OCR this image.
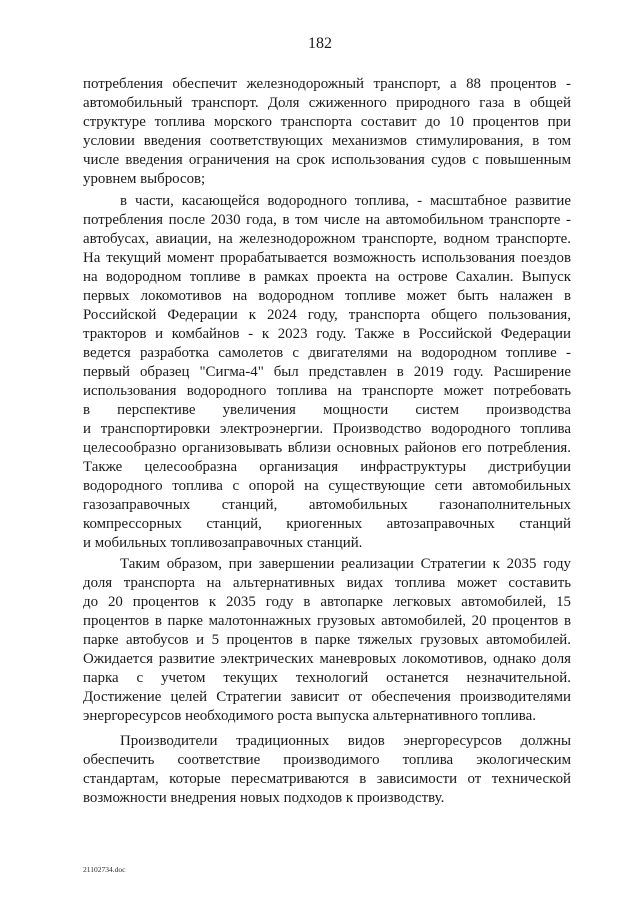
182
потребления обеспечит железнодорожный транспорт, а 88 процентов -
автомобильный транспорт. Доля сжиженного природного газа в общей
структуре топлива морского транспорта составит до 10 процентов при
условии введения соответствующих механизмов стимулирования, в том
числе введения ограничения на срок использования судов с повышенным
уровнем выбросов;
в части, касающейся водородного топлива, - масштабное развитие
потребления после 2030 года, в том числе на автомобильном транспорте -
автобусах, авиации, на железнодорожном транспорте, водном транспорте.
На текущий момент прорабатывается возможность использования поездов
на водородном топливе в рамках проекта на острове Сахалин. Выпуск
первых локомотивов на водородном топливе может быть налажен в
Российской Федерации к 2024 году, транспорта общего пользования,
тракторов и комбайнов - к 2023 году. Также в Российской Федерации
ведется разработка самолетов с двигателями на водородном топливе -
первый образец "Сигма-4" был представлен в 2019 году. Расширение
использования водородного топлива на транспорте может потребовать
в перспективе увеличения мощности систем производства
и транспортировки электроэнергии. Производство водородного топлива
целесообразно организовывать вблизи основных районов его потребления.
Также целесообразна организация инфраструктуры дистрибуции
водородного топлива с опорой на существующие сети автомобильных
газозаправочных станций, автомобильных газонаполнительных
компрессорных станций, криогенных автозаправочных станций
и мобильных топливозаправочных станций.
Таким образом, при завершении реализации Стратегии к 2035 году
доля транспорта на альтернативных видах топлива может составить
до 20 процентов к 2035 году в автопарке легковых автомобилей, 15
процентов в парке малотоннажных грузовых автомобилей, 20 процентов в
парке автобусов и 5 процентов в парке тяжелых грузовых автомобилей.
Ожидается развитие электрических маневровых локомотивов, однако доля
парка с учетом текущих технологий останется незначительной.
Достижение целей Стратегии зависит от обеспечения производителями
энергоресурсов необходимого роста выпуска альтернативного топлива.
Производители традиционных видов энергоресурсов должны
обеспечить соответствие производимого топлива экологическим
стандартам, которые пересматриваются в зависимости от технической
возможности внедрения новых подходов к производству.
21102734.doc
